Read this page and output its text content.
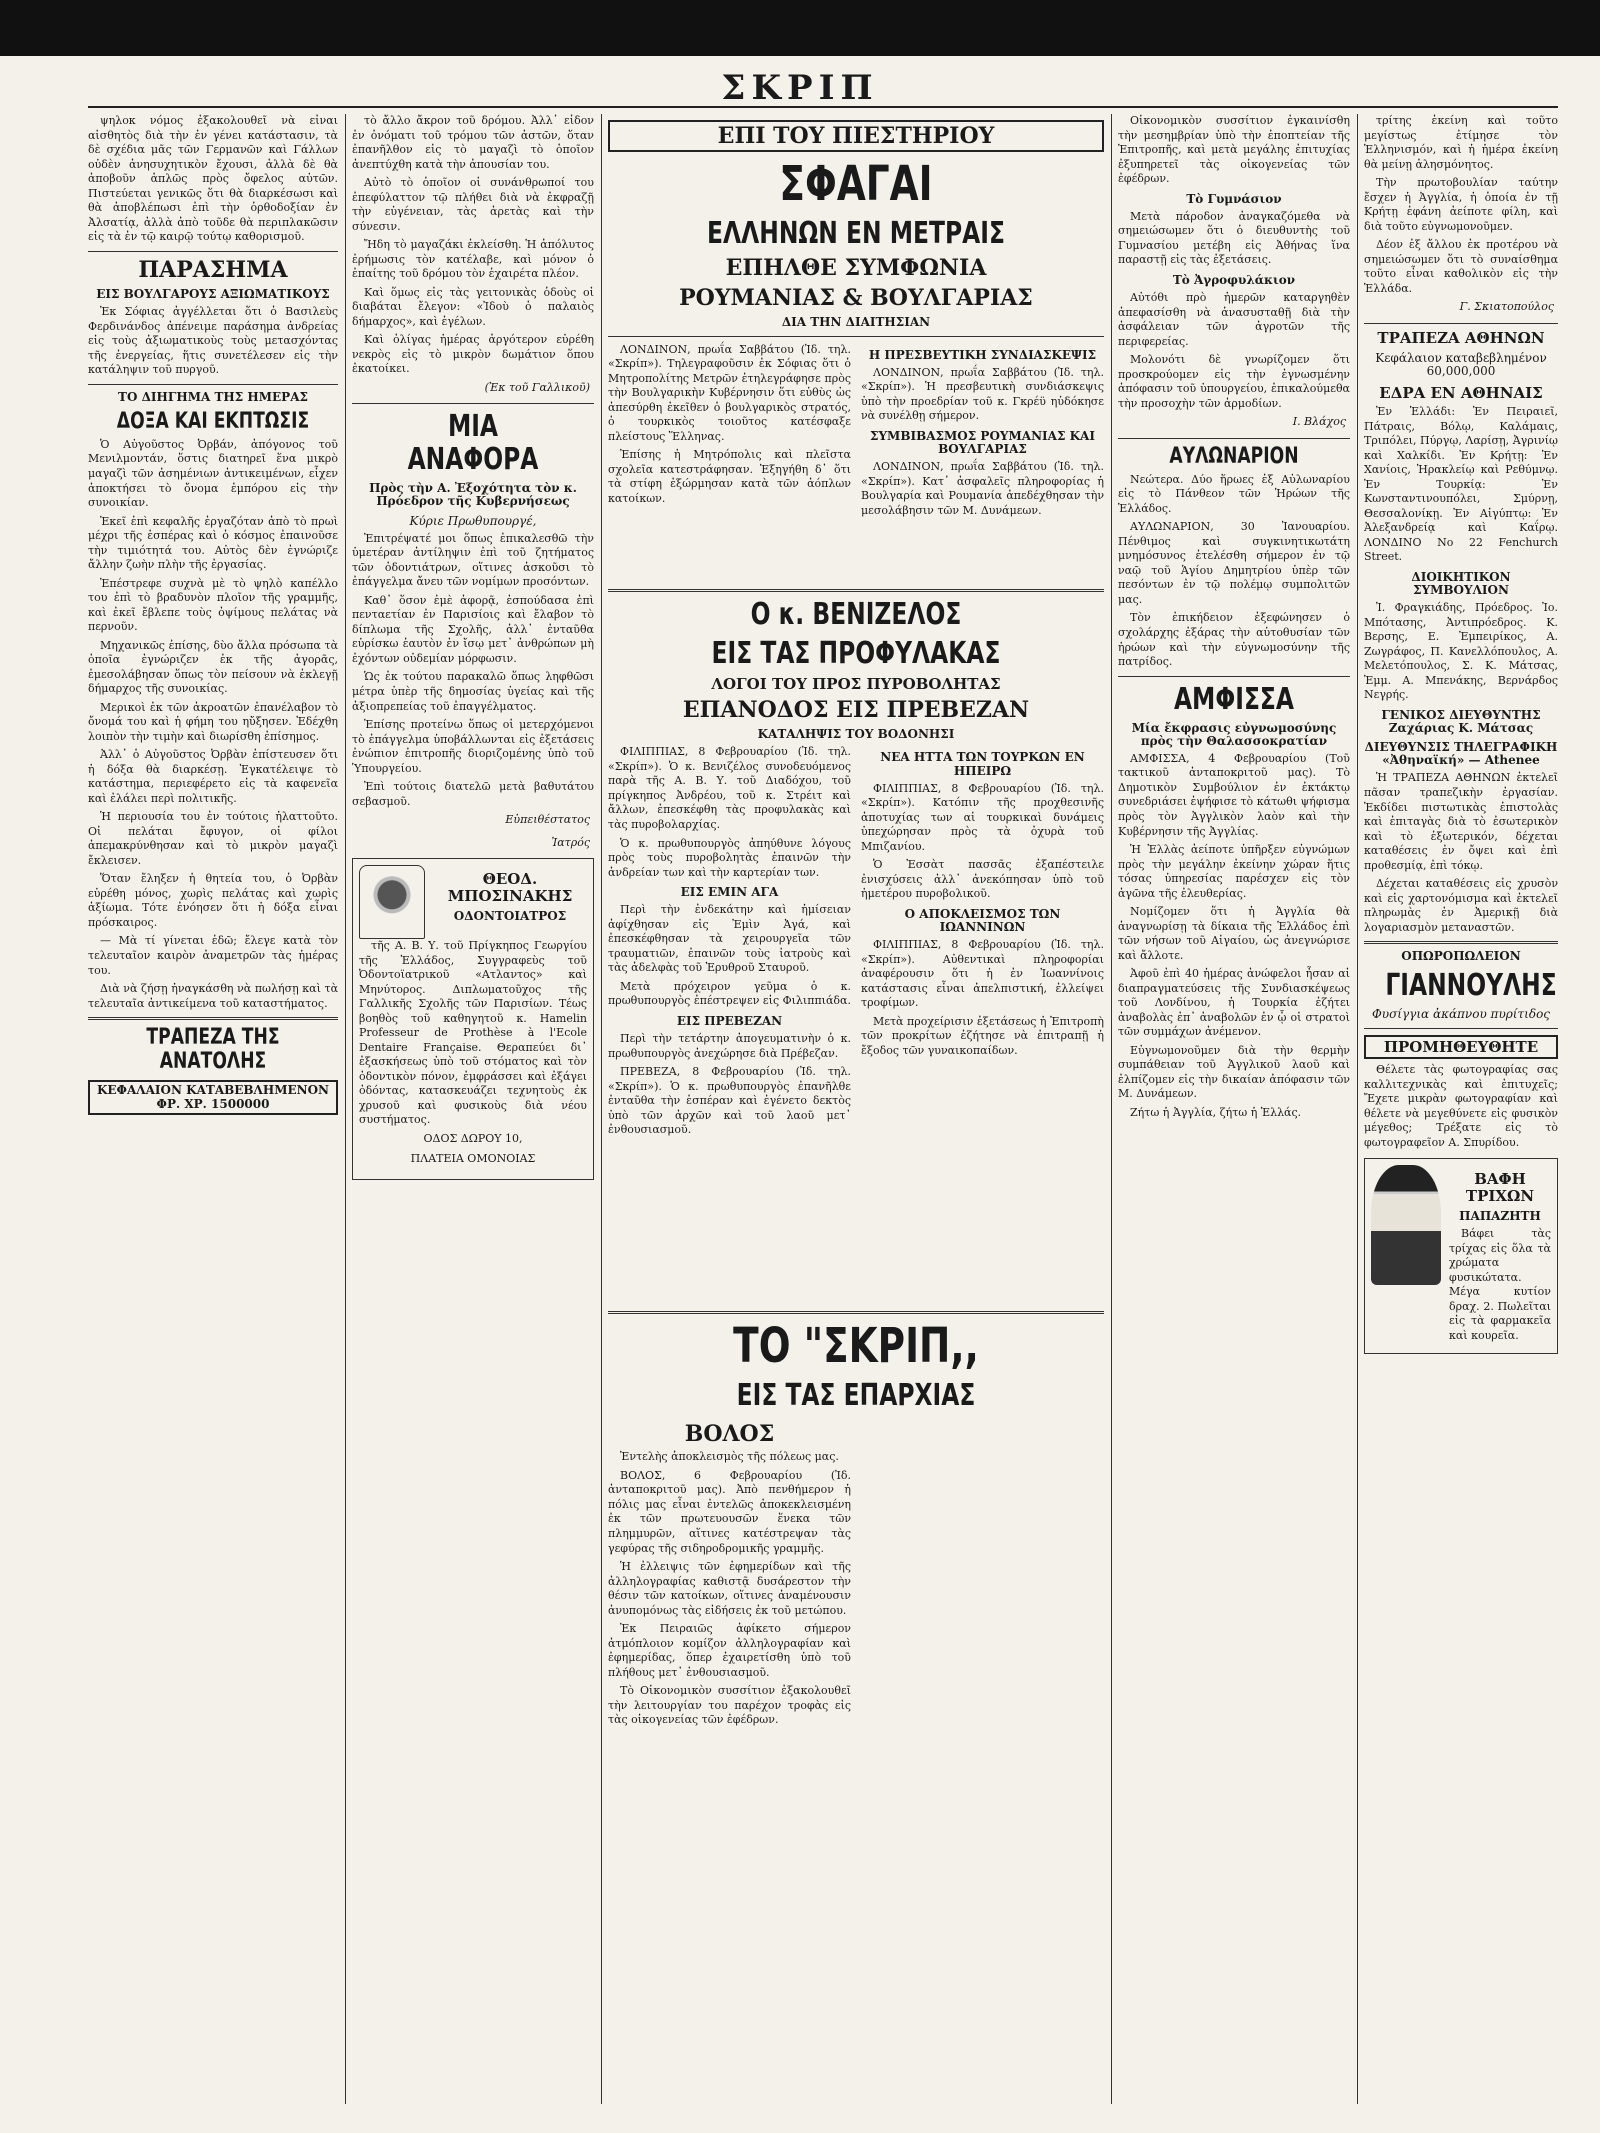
ΣΚΡΙΠ

ψηλοκ νόμος ἐξακολουθεῖ νὰ εἶναι αἰσθητὸς διὰ τὴν ἐν γένει κατάστασιν, τὰ δὲ σχέδια μᾶς τῶν Γερμανῶν καὶ Γάλλων οὐδὲν ἀνησυχητικὸν ἔχουσι, ἀλλὰ δὲ θὰ ἀποβοῦν ἁπλῶς πρὸς ὄφελος αὐτῶν. Πιστεύεται γενικῶς ὅτι θὰ διαρκέσωσι καὶ θὰ ἀποβλέπωσι ἐπὶ τὴν ὀρθοδοξίαν ἐν Ἀλσατίᾳ, ἀλλὰ ἀπὸ τοῦδε θὰ περιπλακῶσιν εἰς τὰ ἐν τῷ καιρῷ τούτῳ καθορισμοῦ.

ΠΑΡΑΣΗΜΑ
ΕΙΣ ΒΟΥΛΓΑΡΟΥΣ ΑΞΙΩΜΑΤΙΚΟΥΣ

Ἐκ Σόφιας ἀγγέλλεται ὅτι ὁ Βασιλεὺς Φερδινάνδος ἀπένειμε παράσημα ἀνδρείας εἰς τοὺς ἀξιωματικοὺς τοὺς μετασχόντας τῆς ἐνεργείας, ἥτις συνετέλεσεν εἰς τὴν κατάληψιν τοῦ πυργοῦ.

ΤΟ ΔΙΗΓΗΜΑ ΤΗΣ ΗΜΕΡΑΣ
ΔΟΞΑ ΚΑΙ ΕΚΠΤΩΣΙΣ

Ὁ Αὐγοῦστος Ὀρβάν, ἀπόγονος τοῦ Μενιλμοντάν, ὅστις διατηρεῖ ἕνα μικρὸ μαγαζὶ τῶν ἀσημένιων ἀντικειμένων, εἶχεν ἀποκτήσει τὸ ὄνομα ἐμπόρου εἰς τὴν συνοικίαν.

Ἐκεῖ ἐπὶ κεφαλῆς ἐργαζόταν ἀπὸ τὸ πρωὶ μέχρι τῆς ἑσπέρας καὶ ὁ κόσμος ἐπαινοῦσε τὴν τιμιότητά του. Αὐτὸς δὲν ἐγνώριζε ἄλλην ζωὴν πλὴν τῆς ἐργασίας.

Ἐπέστρεφε συχνὰ μὲ τὸ ψηλὸ καπέλλο του ἐπὶ τὸ βραδυνὸν πλοῖον τῆς γραμμῆς, καὶ ἐκεῖ ἔβλεπε τοὺς ὀψίμους πελάτας νὰ περνοῦν.

Μηχανικῶς ἐπίσης, δὺο ἄλλα πρόσωπα τὰ ὁποῖα ἐγνώριζεν ἐκ τῆς ἀγορᾶς, ἐμεσολάβησαν ὅπως τὸν πείσουν νὰ ἐκλεγῇ δήμαρχος τῆς συνοικίας.

Μερικοὶ ἐκ τῶν ἀκροατῶν ἐπανέλαβον τὸ ὄνομά του καὶ ἡ φήμη του ηὔξησεν. Ἐδέχθη λοιπὸν τὴν τιμὴν καὶ διωρίσθη ἐπίσημος.

Ἀλλ᾿ ὁ Αὐγοῦστος Ὀρβὰν ἐπίστευσεν ὅτι ἡ δόξα θὰ διαρκέσῃ. Ἐγκατέλειψε τὸ κατάστημα, περιεφέρετο εἰς τὰ καφενεῖα καὶ ἐλάλει περὶ πολιτικῆς.

Ἡ περιουσία του ἐν τούτοις ἠλαττοῦτο. Οἱ πελάται ἔφυγον, οἱ φίλοι ἀπεμακρύνθησαν καὶ τὸ μικρὸν μαγαζὶ ἔκλεισεν.

Ὅταν ἔληξεν ἡ θητεία του, ὁ Ὀρβὰν εὑρέθη μόνος, χωρὶς πελάτας καὶ χωρὶς ἀξίωμα. Τότε ἐνόησεν ὅτι ἡ δόξα εἶναι πρόσκαιρος.

— Μὰ τί γίνεται ἐδῶ; ἔλεγε κατὰ τὸν τελευταῖον καιρὸν ἀναμετρῶν τὰς ἡμέρας του.

Διὰ νὰ ζήσῃ ἠναγκάσθη νὰ πωλήσῃ καὶ τὰ τελευταῖα ἀντικείμενα τοῦ καταστήματος.

ΤΡΑΠΕΖΑ ΤΗΣ ΑΝΑΤΟΛΗΣ
ΚΕΦΑΛΑΙΟΝ ΚΑΤΑΒΕΒΛΗΜΕΝΟΝ ΦΡ. ΧΡ. 1500000

τὸ ἄλλο ἄκρον τοῦ δρόμου. Ἀλλ᾿ εἶδον ἐν ὀνόματι τοῦ τρόμου τῶν ἀστῶν, ὅταν ἐπανῆλθον εἰς τὸ μαγαζὶ τὸ ὁποῖον ἀνεπτύχθη κατὰ τὴν ἀπουσίαν του.

Αὐτὸ τὸ ὁποῖον οἱ συνάνθρωποί του ἐπεφύλαττον τῷ πλήθει διὰ νὰ ἐκφραζῇ τὴν εὐγένειαν, τὰς ἀρετὰς καὶ τὴν σύνεσιν.

Ἤδη τὸ μαγαζάκι ἐκλείσθη. Ἡ ἀπόλυτος ἐρήμωσις τὸν κατέλαβε, καὶ μόνον ὁ ἐπαίτης τοῦ δρόμου τὸν ἐχαιρέτα πλέον.

Καὶ ὅμως εἰς τὰς γειτονικὰς ὁδοὺς οἱ διαβάται ἔλεγον: «Ἰδοὺ ὁ παλαιὸς δήμαρχος», καὶ ἐγέλων.

Καὶ ὁλίγας ἡμέρας ἀργότερον εὑρέθη νεκρὸς εἰς τὸ μικρὸν δωμάτιον ὅπου ἐκατοίκει.

(Ἐκ τοῦ Γαλλικοῦ)
ΜΙΑ ΑΝΑΦΟΡΑ
Πρὸς τὴν Α. Ἐξοχότητα τὸν κ. Πρόεδρον τῆς Κυβερνήσεως
Κύριε Πρωθυπουργέ,

Ἐπιτρέψατέ μοι ὅπως ἐπικαλεσθῶ τὴν ὑμετέραν ἀντίληψιν ἐπὶ τοῦ ζητήματος τῶν ὀδοντιάτρων, οἵτινες ἀσκοῦσι τὸ ἐπάγγελμα ἄνευ τῶν νομίμων προσόντων.

Καθ᾿ ὅσον ἐμὲ ἀφορᾷ, ἐσπούδασα ἐπὶ πενταετίαν ἐν Παρισίοις καὶ ἔλαβον τὸ δίπλωμα τῆς Σχολῆς, ἀλλ᾿ ἐνταῦθα εὑρίσκω ἑαυτὸν ἐν ἴσῳ μετ᾿ ἀνθρώπων μὴ ἐχόντων οὐδεμίαν μόρφωσιν.

Ὡς ἐκ τούτου παρακαλῶ ὅπως ληφθῶσι μέτρα ὑπὲρ τῆς δημοσίας ὑγείας καὶ τῆς ἀξιοπρεπείας τοῦ ἐπαγγέλματος.

Ἐπίσης προτείνω ὅπως οἱ μετερχόμενοι τὸ ἐπάγγελμα ὑποβάλλωνται εἰς ἐξετάσεις ἐνώπιον ἐπιτροπῆς διοριζομένης ὑπὸ τοῦ Ὑπουργείου.

Ἐπὶ τούτοις διατελῶ μετὰ βαθυτάτου σεβασμοῦ.

Εὐπειθέστατος
Ἰατρός
ΘΕΟΔ. ΜΠΟΣΙΝΑΚΗΣ
ΟΔΟΝΤΟΙΑΤΡΟΣ

τῆς Α. Β. Υ. τοῦ Πρίγκηπος Γεωργίου τῆς Ἑλλάδος, Συγγραφεὺς τοῦ Ὀδοντοϊατρικοῦ «Ατλαντος» καὶ Μηνύτορος. Διπλωματοῦχος τῆς Γαλλικῆς Σχολῆς τῶν Παρισίων. Τέως βοηθὸς τοῦ καθηγητοῦ κ. Hamelin Professeur de Prothèse à l'Ecole Dentaire Française. Θεραπεύει δι᾿ ἐξασκήσεως ὑπὸ τοῦ στόματος καὶ τὸν ὀδοντικὸν πόνον, ἐμφράσσει καὶ ἐξάγει ὀδόντας, κατασκευάζει τεχνητοὺς ἐκ χρυσοῦ καὶ φυσικοὺς διὰ νέου συστήματος.

ΟΔΟΣ ΔΩΡΟΥ 10,
ΠΛΑΤΕΙΑ ΟΜΟΝΟΙΑΣ
ΕΠΙ ΤΟΥ ΠΙΕΣΤΗΡΙΟΥ
ΣΦΑΓΑΙ
ΕΛΛΗΝΩΝ ΕΝ ΜΕΤΡΑΙΣ
ΕΠΗΛΘΕ ΣΥΜΦΩΝΙΑ
ΡΟΥΜΑΝΙΑΣ & ΒΟΥΛΓΑΡΙΑΣ
ΔΙΑ ΤΗΝ ΔΙΑΙΤΗΣΙΑΝ

ΛΟΝΔΙΝΟΝ, πρωΐα Σαββάτου (Ἰδ. τηλ. «Σκρίπ»). Τηλεγραφοῦσιν ἐκ Σόφιας ὅτι ὁ Μητροπολίτης Μετρῶν ἐτηλεγράφησε πρὸς τὴν Βουλγαρικὴν Κυβέρνησιν ὅτι εὐθὺς ὡς ἀπεσύρθη ἐκεῖθεν ὁ βουλγαρικὸς στρατός, ὁ τουρκικὸς τοιοῦτος κατέσφαξε πλείστους Ἕλληνας.

Ἐπίσης ἡ Μητρόπολις καὶ πλεῖστα σχολεῖα κατεστράφησαν. Ἐξηγήθη δ᾿ ὅτι τὰ στίφη ἐξώρμησαν κατὰ τῶν ἀόπλων κατοίκων.

Η ΠΡΕΣΒΕΥΤΙΚΗ ΣΥΝΔΙΑΣΚΕΨΙΣ

ΛΟΝΔΙΝΟΝ, πρωΐα Σαββάτου (Ἰδ. τηλ. «Σκρίπ»). Ἡ πρεσβευτικὴ συνδιάσκεψις ὑπὸ τὴν προεδρίαν τοῦ κ. Γκρέϋ ηὐδόκησε νὰ συνέλθῃ σήμερον.

ΣΥΜΒΙΒΑΣΜΟΣ ΡΟΥΜΑΝΙΑΣ ΚΑΙ ΒΟΥΛΓΑΡΙΑΣ

ΛΟΝΔΙΝΟΝ, πρωΐα Σαββάτου (Ἰδ. τηλ. «Σκρίπ»). Κατ᾿ ἀσφαλεῖς πληροφορίας ἡ Βουλγαρία καὶ Ρουμανία ἀπεδέχθησαν τὴν μεσολάβησιν τῶν Μ. Δυνάμεων.

Ο κ. ΒΕΝΙΖΕΛΟΣ
ΕΙΣ ΤΑΣ ΠΡΟΦΥΛΑΚΑΣ
ΛΟΓΟΙ ΤΟΥ ΠΡΟΣ ΠΥΡΟΒΟΛΗΤΑΣ
ΕΠΑΝΟΔΟΣ ΕΙΣ ΠΡΕΒΕΖΑΝ
ΚΑΤΑΛΗΨΙΣ ΤΟΥ ΒΟΔΟΝΗΣΙ

ΦΙΛΙΠΠΙΑΣ, 8 Φεβρουαρίου (Ἰδ. τηλ. «Σκρίπ»). Ὁ κ. Βενιζέλος συνοδευόμενος παρὰ τῆς Α. Β. Υ. τοῦ Διαδόχου, τοῦ πρίγκηπος Ἀνδρέου, τοῦ κ. Στρέιτ καὶ ἄλλων, ἐπεσκέφθη τὰς προφυλακὰς καὶ τὰς πυροβολαρχίας.

Ὁ κ. πρωθυπουργὸς ἀπηύθυνε λόγους πρὸς τοὺς πυροβολητὰς ἐπαινῶν τὴν ἀνδρείαν των καὶ τὴν καρτερίαν των.

ΕΙΣ ΕΜΙΝ ΑΓΑ

Περὶ τὴν ἐνδεκάτην καὶ ἡμίσειαν ἀφίχθησαν εἰς Ἐμὶν Ἀγά, καὶ ἐπεσκέφθησαν τὰ χειρουργεῖα τῶν τραυματιῶν, ἐπαινῶν τοὺς ἰατροὺς καὶ τὰς ἀδελφὰς τοῦ Ἐρυθροῦ Σταυροῦ.

Μετὰ πρόχειρον γεῦμα ὁ κ. πρωθυπουργὸς ἐπέστρεψεν εἰς Φιλιππιάδα.

ΕΙΣ ΠΡΕΒΕΖΑΝ

Περὶ τὴν τετάρτην ἀπογευματινὴν ὁ κ. πρωθυπουργὸς ἀνεχώρησε διὰ Πρέβεζαν.

ΠΡΕΒΕΖΑ, 8 Φεβρουαρίου (Ἰδ. τηλ. «Σκρίπ»). Ὁ κ. πρωθυπουργὸς ἐπανῆλθε ἐνταῦθα τὴν ἑσπέραν καὶ ἐγένετο δεκτὸς ὑπὸ τῶν ἀρχῶν καὶ τοῦ λαοῦ μετ᾿ ἐνθουσιασμοῦ.

ΝΕΑ ΗΤΤΑ ΤΩΝ ΤΟΥΡΚΩΝ ΕΝ ΗΠΕΙΡΩ

ΦΙΛΙΠΠΙΑΣ, 8 Φεβρουαρίου (Ἰδ. τηλ. «Σκρίπ»). Κατόπιν τῆς προχθεσινῆς ἀποτυχίας των αἱ τουρκικαὶ δυνάμεις ὑπεχώρησαν πρὸς τὰ ὀχυρὰ τοῦ Μπιζανίου.

Ὁ Ἐσσὰτ πασσᾶς ἐξαπέστειλε ἐνισχύσεις ἀλλ᾿ ἀνεκόπησαν ὑπὸ τοῦ ἡμετέρου πυροβολικοῦ.

Ο ΑΠΟΚΛΕΙΣΜΟΣ ΤΩΝ ΙΩΑΝΝΙΝΩΝ

ΦΙΛΙΠΠΙΑΣ, 8 Φεβρουαρίου (Ἰδ. τηλ. «Σκρίπ»). Αὐθεντικαὶ πληροφορίαι ἀναφέρουσιν ὅτι ἡ ἐν Ἰωαννίνοις κατάστασις εἶναι ἀπελπιστική, ἐλλείψει τροφίμων.

Μετὰ προχείρισιν ἐξετάσεως ἡ Ἐπιτροπὴ τῶν προκρίτων ἐζήτησε νὰ ἐπιτραπῇ ἡ ἔξοδος τῶν γυναικοπαίδων.

ΤΟ "ΣΚΡΙΠ,,
ΕΙΣ ΤΑΣ ΕΠΑΡΧΙΑΣ
ΒΟΛΟΣ

Ἐντελὴς ἀποκλεισμὸς τῆς πόλεως μας.

ΒΟΛΟΣ, 6 Φεβρουαρίου (Ἰδ. ἀνταποκριτοῦ μας). Ἀπὸ πενθήμερον ἡ πόλις μας εἶναι ἐντελῶς ἀποκεκλεισμένη ἐκ τῶν πρωτευουσῶν ἕνεκα τῶν πλημμυρῶν, αἵτινες κατέστρεψαν τὰς γεφύρας τῆς σιδηροδρομικῆς γραμμῆς.

Ἡ ἐλλειψις τῶν ἐφημερίδων καὶ τῆς ἀλληλογραφίας καθιστᾷ δυσάρεστον τὴν θέσιν τῶν κατοίκων, οἵτινες ἀναμένουσιν ἀνυπομόνως τὰς εἰδήσεις ἐκ τοῦ μετώπου.

Ἐκ Πειραιῶς ἀφίκετο σήμερον ἀτμόπλοιον κομίζον ἀλληλογραφίαν καὶ ἐφημερίδας, ὅπερ ἐχαιρετίσθη ὑπὸ τοῦ πλήθους μετ᾿ ἐνθουσιασμοῦ.

Τὸ Οἰκονομικὸν συσσίτιον ἐξακολουθεῖ τὴν λειτουργίαν του παρέχον τροφὰς εἰς τὰς οἰκογενείας τῶν ἐφέδρων.

Οἰκονομικὸν συσσίτιον ἐγκαινίσθη τὴν μεσημβρίαν ὑπὸ τὴν ἐποπτείαν τῆς Ἐπιτροπῆς, καὶ μετὰ μεγάλης ἐπιτυχίας ἐξυπηρετεῖ τὰς οἰκογενείας τῶν ἐφέδρων.

Τὸ Γυμνάσιον

Μετὰ πάροδον ἀναγκαζόμεθα νὰ σημειώσωμεν ὅτι ὁ διευθυντὴς τοῦ Γυμνασίου μετέβη εἰς Ἀθήνας ἵνα παραστῇ εἰς τὰς ἐξετάσεις.

Τὸ Ἀγροφυλάκιον

Αὐτόθι πρὸ ἡμερῶν καταργηθὲν ἀπεφασίσθη νὰ ἀνασυσταθῇ διὰ τὴν ἀσφάλειαν τῶν ἀγροτῶν τῆς περιφερείας.

Μολονότι δὲ γνωρίζομεν ὅτι προσκρούομεν εἰς τὴν ἐγνωσμένην ἀπόφασιν τοῦ ὑπουργείου, ἐπικαλούμεθα τὴν προσοχὴν τῶν ἁρμοδίων.

Ι. Βλάχος
ΑΥΛΩΝΑΡΙΟΝ

Νεώτερα. Δύο ἥρωες ἐξ Αὐλωναρίου εἰς τὸ Πάνθεον τῶν Ἡρώων τῆς Ἑλλάδος.

ΑΥΛΩΝΑΡΙΟΝ, 30 Ἰανουαρίου. Πένθιμος καὶ συγκινητικωτάτη μνημόσυνος ἐτελέσθη σήμερον ἐν τῷ ναῷ τοῦ Ἁγίου Δημητρίου ὑπὲρ τῶν πεσόντων ἐν τῷ πολέμῳ συμπολιτῶν μας.

Τὸν ἐπικήδειον ἐξεφώνησεν ὁ σχολάρχης ἐξάρας τὴν αὐτοθυσίαν τῶν ἡρώων καὶ τὴν εὐγνωμοσύνην τῆς πατρίδος.

ΑΜΦΙΣΣΑ
Μία ἔκφρασις εὐγνωμοσύνης πρὸς τὴν Θαλασσοκρατίαν

ΑΜΦΙΣΣΑ, 4 Φεβρουαρίου (Τοῦ τακτικοῦ ἀνταποκριτοῦ μας). Τὸ Δημοτικὸν Συμβούλιον ἐν ἐκτάκτῳ συνεδριάσει ἐψήφισε τὸ κάτωθι ψήφισμα πρὸς τὸν Ἀγγλικὸν λαὸν καὶ τὴν Κυβέρνησιν τῆς Ἀγγλίας.

Ἡ Ἑλλὰς ἀείποτε ὑπῆρξεν εὐγνώμων πρὸς τὴν μεγάλην ἐκείνην χώραν ἥτις τόσας ὑπηρεσίας παρέσχεν εἰς τὸν ἀγῶνα τῆς ἐλευθερίας.

Νομίζομεν ὅτι ἡ Ἀγγλία θὰ ἀναγνωρίσῃ τὰ δίκαια τῆς Ἑλλάδος ἐπὶ τῶν νήσων τοῦ Αἰγαίου, ὡς ἀνεγνώρισε καὶ ἄλλοτε.

Ἀφοῦ ἐπὶ 40 ἡμέρας ἀνώφελοι ἦσαν αἱ διαπραγματεύσεις τῆς Συνδιασκέψεως τοῦ Λονδίνου, ἡ Τουρκία ἐζήτει ἀναβολὰς ἐπ᾿ ἀναβολῶν ἐν ᾧ οἱ στρατοὶ τῶν συμμάχων ἀνέμενον.

Εὐγνωμονοῦμεν διὰ τὴν θερμὴν συμπάθειαν τοῦ Ἀγγλικοῦ λαοῦ καὶ ἐλπίζομεν εἰς τὴν δικαίαν ἀπόφασιν τῶν Μ. Δυνάμεων.

Ζήτω ἡ Ἀγγλία, ζήτω ἡ Ἑλλάς.

τρίτης ἐκείνη καὶ τοῦτο μεγίστως ἐτίμησε τὸν Ἑλληνισμόν, καὶ ἡ ἡμέρα ἐκείνη θὰ μείνῃ ἀλησμόνητος.

Τὴν πρωτοβουλίαν ταύτην ἔσχεν ἡ Ἀγγλία, ἡ ὁποία ἐν τῇ Κρήτῃ ἐφάνη ἀείποτε φίλη, καὶ διὰ τοῦτο εὐγνωμονοῦμεν.

Δέον ἐξ ἄλλου ἐκ προτέρου νὰ σημειώσωμεν ὅτι τὸ συναίσθημα τοῦτο εἶναι καθολικὸν εἰς τὴν Ἑλλάδα.

Γ. Σκιατοπούλος
ΤΡΑΠΕΖΑ ΑΘΗΝΩΝ
Κεφάλαιον καταβεβλημένον 60,000,000
ΕΔΡΑ ΕΝ ΑΘΗΝΑΙΣ

Ἐν Ἑλλάδι: Ἐν Πειραιεῖ, Πάτραις, Βόλῳ, Καλάμαις, Τριπόλει, Πύργῳ, Λαρίσῃ, Ἀγρινίῳ καὶ Χαλκίδι. Ἐν Κρήτῃ: Ἐν Χανίοις, Ἡρακλείῳ καὶ Ρεθύμνῳ. Ἐν Τουρκίᾳ: Ἐν Κωνσταντινουπόλει, Σμύρνῃ, Θεσσαλονίκῃ. Ἐν Αἰγύπτῳ: Ἐν Ἀλεξανδρείᾳ καὶ Καΐρῳ. ΛΟΝΔΙΝΟ Νο 22 Fenchurch Street.

ΔΙΟΙΚΗΤΙΚΟΝ ΣΥΜΒΟΥΛΙΟΝ

Ἰ. Φραγκιάδης, Πρόεδρος. Ἰο. Μπότασης, Ἀντιπρόεδρος. Κ. Βερσης, Ε. Ἐμπειρίκος, Α. Ζωγράφος, Π. Κανελλόπουλος, Α. Μελετόπουλος, Σ. Κ. Μάτσας, Ἐμμ. Α. Μπενάκης, Βερνάρδος Νεγρής.

ΓΕΝΙΚΟΣ ΔΙΕΥΘΥΝΤΗΣ Ζαχάριας Κ. Μάτσας
ΔΙΕΥΘΥΝΣΙΣ ΤΗΛΕΓΡΑΦΙΚΗ «Ἀθηναϊκή» — Athenee

Ἡ ΤΡΑΠΕΖΑ ΑΘΗΝΩΝ ἐκτελεῖ πᾶσαν τραπεζικὴν ἐργασίαν. Ἐκδίδει πιστωτικὰς ἐπιστολὰς καὶ ἐπιταγὰς διὰ τὸ ἐσωτερικὸν καὶ τὸ ἐξωτερικόν, δέχεται καταθέσεις ἐν ὄψει καὶ ἐπὶ προθεσμίᾳ, ἐπὶ τόκῳ.

Δέχεται καταθέσεις εἰς χρυσὸν καὶ εἰς χαρτονόμισμα καὶ ἐκτελεῖ πληρωμὰς ἐν Ἀμερικῇ διὰ λογαριασμὸν μεταναστῶν.

ΟΠΩΡΟΠΩΛΕΙΟΝ
ΓΙΑΝΝΟΥΛΗΣ
Φυσίγγια ἀκάπνου πυρίτιδος
ΠΡΟΜΗΘΕΥΘΗΤΕ

Θέλετε τὰς φωτογραφίας σας καλλιτεχνικὰς καὶ ἐπιτυχεῖς; Ἔχετε μικρὰν φωτογραφίαν καὶ θέλετε νὰ μεγεθύνετε εἰς φυσικὸν μέγεθος; Τρέξατε εἰς τὸ φωτογραφεῖον Α. Σπυρίδου.

ΒΑΦΗ ΤΡΙΧΩΝ
ΠΑΠΑΖΗΤΗ

Βάφει τὰς τρίχας εἰς ὅλα τὰ χρώματα φυσικώτατα. Μέγα κυτίον δραχ. 2. Πωλεῖται εἰς τὰ φαρμακεῖα καὶ κουρεῖα.
